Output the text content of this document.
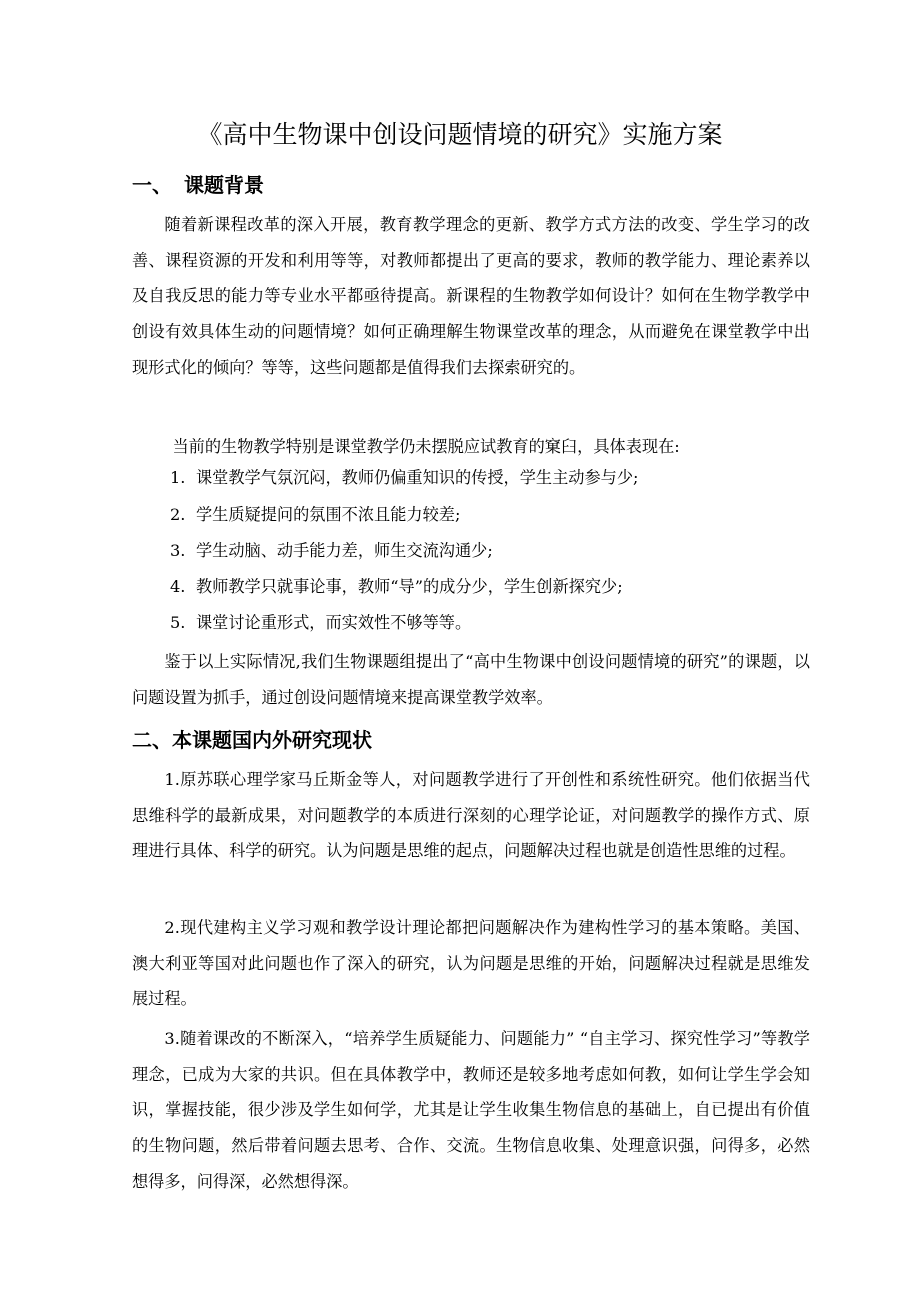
《高中生物课中创设问题情境的研究》实施方案
一、 课题背景

随着新课程改革的深入开展，教育教学理念的更新、教学方式方法的改变、学生学习的改善、课程资源的开发和利用等等，对教师都提出了更高的要求，教师的教学能力、理论素养以及自我反思的能力等专业水平都亟待提高。新课程的生物教学如何设计？如何在生物学教学中创设有效具体生动的问题情境？如何正确理解生物课堂改革的理念，从而避免在课堂教学中出现形式化的倾向？等等，这些问题都是值得我们去探索研究的。

当前的生物教学特别是课堂教学仍未摆脱应试教育的窠臼，具体表现在:

1. 课堂教学气氛沉闷，教师仍偏重知识的传授，学生主动参与少;

2. 学生质疑提问的氛围不浓且能力较差;

3. 学生动脑、动手能力差，师生交流沟通少;

4. 教师教学只就事论事，教师“导”的成分少，学生创新探究少;

5. 课堂讨论重形式，而实效性不够等等。

鉴于以上实际情况,我们生物课题组提出了“高中生物课中创设问题情境的研究”的课题，以问题设置为抓手，通过创设问题情境来提高课堂教学效率。

二、本课题国内外研究现状

1.原苏联心理学家马丘斯金等人，对问题教学进行了开创性和系统性研究。他们依据当代思维科学的最新成果，对问题教学的本质进行深刻的心理学论证，对问题教学的操作方式、原理进行具体、科学的研究。认为问题是思维的起点，问题解决过程也就是创造性思维的过程。

2.现代建构主义学习观和教学设计理论都把问题解决作为建构性学习的基本策略。美国、澳大利亚等国对此问题也作了深入的研究，认为问题是思维的开始，问题解决过程就是思维发展过程。

3.随着课改的不断深入，“培养学生质疑能力、问题能力” “自主学习、探究性学习”等教学理念，已成为大家的共识。但在具体教学中，教师还是较多地考虑如何教，如何让学生学会知识，掌握技能，很少涉及学生如何学，尤其是让学生收集生物信息的基础上，自已提出有价值的生物问题，然后带着问题去思考、合作、交流。生物信息收集、处理意识强，问得多，必然想得多，问得深，必然想得深。
